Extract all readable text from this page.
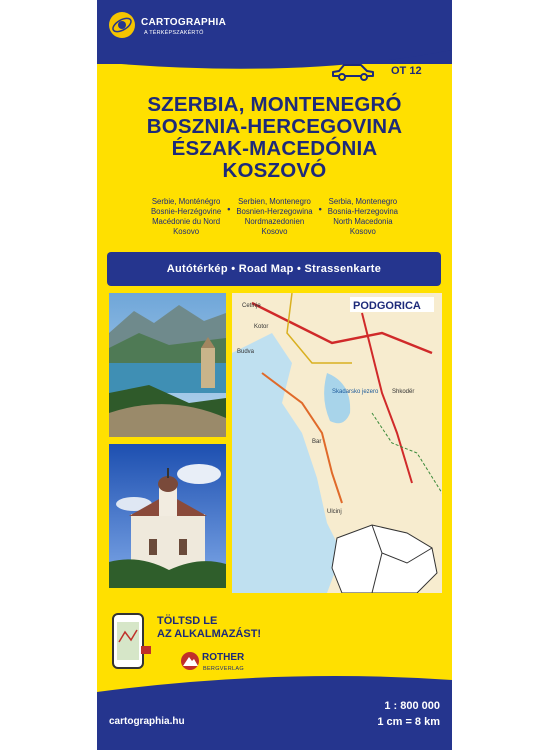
CARTOGRAPHIA
A TÉRKÉPSZAKÉRTŐ
OT 12
SZERBIA, MONTENEGRÓ
BOSZNIA-HERCEGOVINA
ÉSZAK-MACEDÓNIA
KOSZOVÓ
Serbie, Monténégro
Bosnie-Herzégovine
Macédonie du Nord
Kosovo
•
Serbien, Montenegro
Bosnien-Herzegowina
Nordmazedonien
Kosovo
•
Serbia, Montenegro
Bosnia-Herzegovina
North Macedonia
Kosovo
Autótérkép • Road Map • Strassenkarte
PODGORICA
Cetinje
Skadarsko jezero
Bar
Ulcinj
Budva
Kotor
Shkodër
TÖLTSD LE
AZ ALKALMAZÁST!
ROTHER
BERGVERLAG
1 : 800 000
1 cm = 8 km
cartographia.hu
